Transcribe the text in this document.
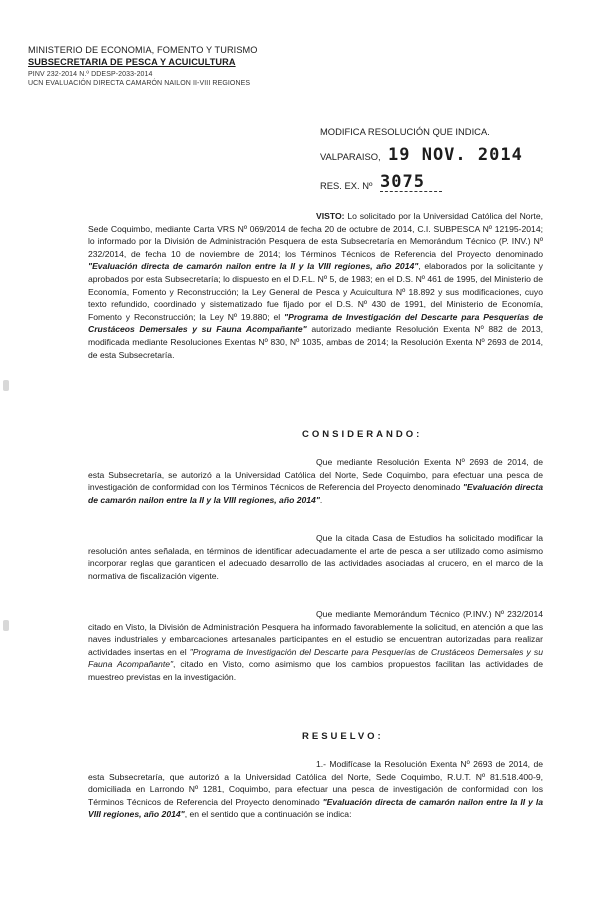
MINISTERIO DE ECONOMIA, FOMENTO Y TURISMO
SUBSECRETARIA DE PESCA Y ACUICULTURA
PINV 232-2014 N.º DDESP-2033-2014
UCN EVALUACIÓN DIRECTA CAMARÓN NAILON II-VIII REGIONES
MODIFICA RESOLUCIÓN QUE INDICA.
VALPARAISO, 19 NOV. 2014
RES. EX. Nº 3075
VISTO: Lo solicitado por la Universidad Católica del Norte, Sede Coquimbo, mediante Carta VRS Nº 069/2014 de fecha 20 de octubre de 2014, C.I. SUBPESCA Nº 12195-2014; lo informado por la División de Administración Pesquera de esta Subsecretaría en Memorándum Técnico (P. INV.) Nº 232/2014, de fecha 10 de noviembre de 2014; los Términos Técnicos de Referencia del Proyecto denominado "Evaluación directa de camarón nailon entre la II y la VIII regiones, año 2014", elaborados por la solicitante y aprobados por esta Subsecretaría; lo dispuesto en el D.F.L. Nº 5, de 1983; en el D.S. Nº 461 de 1995, del Ministerio de Economía, Fomento y Reconstrucción; la Ley General de Pesca y Acuicultura Nº 18.892 y sus modificaciones, cuyo texto refundido, coordinado y sistematizado fue fijado por el D.S. Nº 430 de 1991, del Ministerio de Economía, Fomento y Reconstrucción; la Ley Nº 19.880; el "Programa de Investigación del Descarte para Pesquerías de Crustáceos Demersales y su Fauna Acompañante" autorizado mediante Resolución Exenta Nº 882 de 2013, modificada mediante Resoluciones Exentas Nº 830, Nº 1035, ambas de 2014; la Resolución Exenta Nº 2693 de 2014, de esta Subsecretaría.
CONSIDERANDO:
Que mediante Resolución Exenta Nº 2693 de 2014, de esta Subsecretaría, se autorizó a la Universidad Católica del Norte, Sede Coquimbo, para efectuar una pesca de investigación de conformidad con los Términos Técnicos de Referencia del Proyecto denominado "Evaluación directa de camarón nailon entre la II y la VIII regiones, año 2014".
Que la citada Casa de Estudios ha solicitado modificar la resolución antes señalada, en términos de identificar adecuadamente el arte de pesca a ser utilizado como asimismo incorporar reglas que garanticen el adecuado desarrollo de las actividades asociadas al crucero, en el marco de la normativa de fiscalización vigente.
Que mediante Memorándum Técnico (P.INV.) Nº 232/2014 citado en Visto, la División de Administración Pesquera ha informado favorablemente la solicitud, en atención a que las naves industriales y embarcaciones artesanales participantes en el estudio se encuentran autorizadas para realizar actividades insertas en el "Programa de Investigación del Descarte para Pesquerías de Crustáceos Demersales y su Fauna Acompañante", citado en Visto, como asimismo que los cambios propuestos facilitan las actividades de muestreo previstas en la investigación.
RESUELVO:
1.- Modifícase la Resolución Exenta Nº 2693 de 2014, de esta Subsecretaría, que autorizó a la Universidad Católica del Norte, Sede Coquimbo, R.U.T. Nº 81.518.400-9, domiciliada en Larrondo Nº 1281, Coquimbo, para efectuar una pesca de investigación de conformidad con los Términos Técnicos de Referencia del Proyecto denominado "Evaluación directa de camarón nailon entre la II y la VIII regiones, año 2014", en el sentido que a continuación se indica:
